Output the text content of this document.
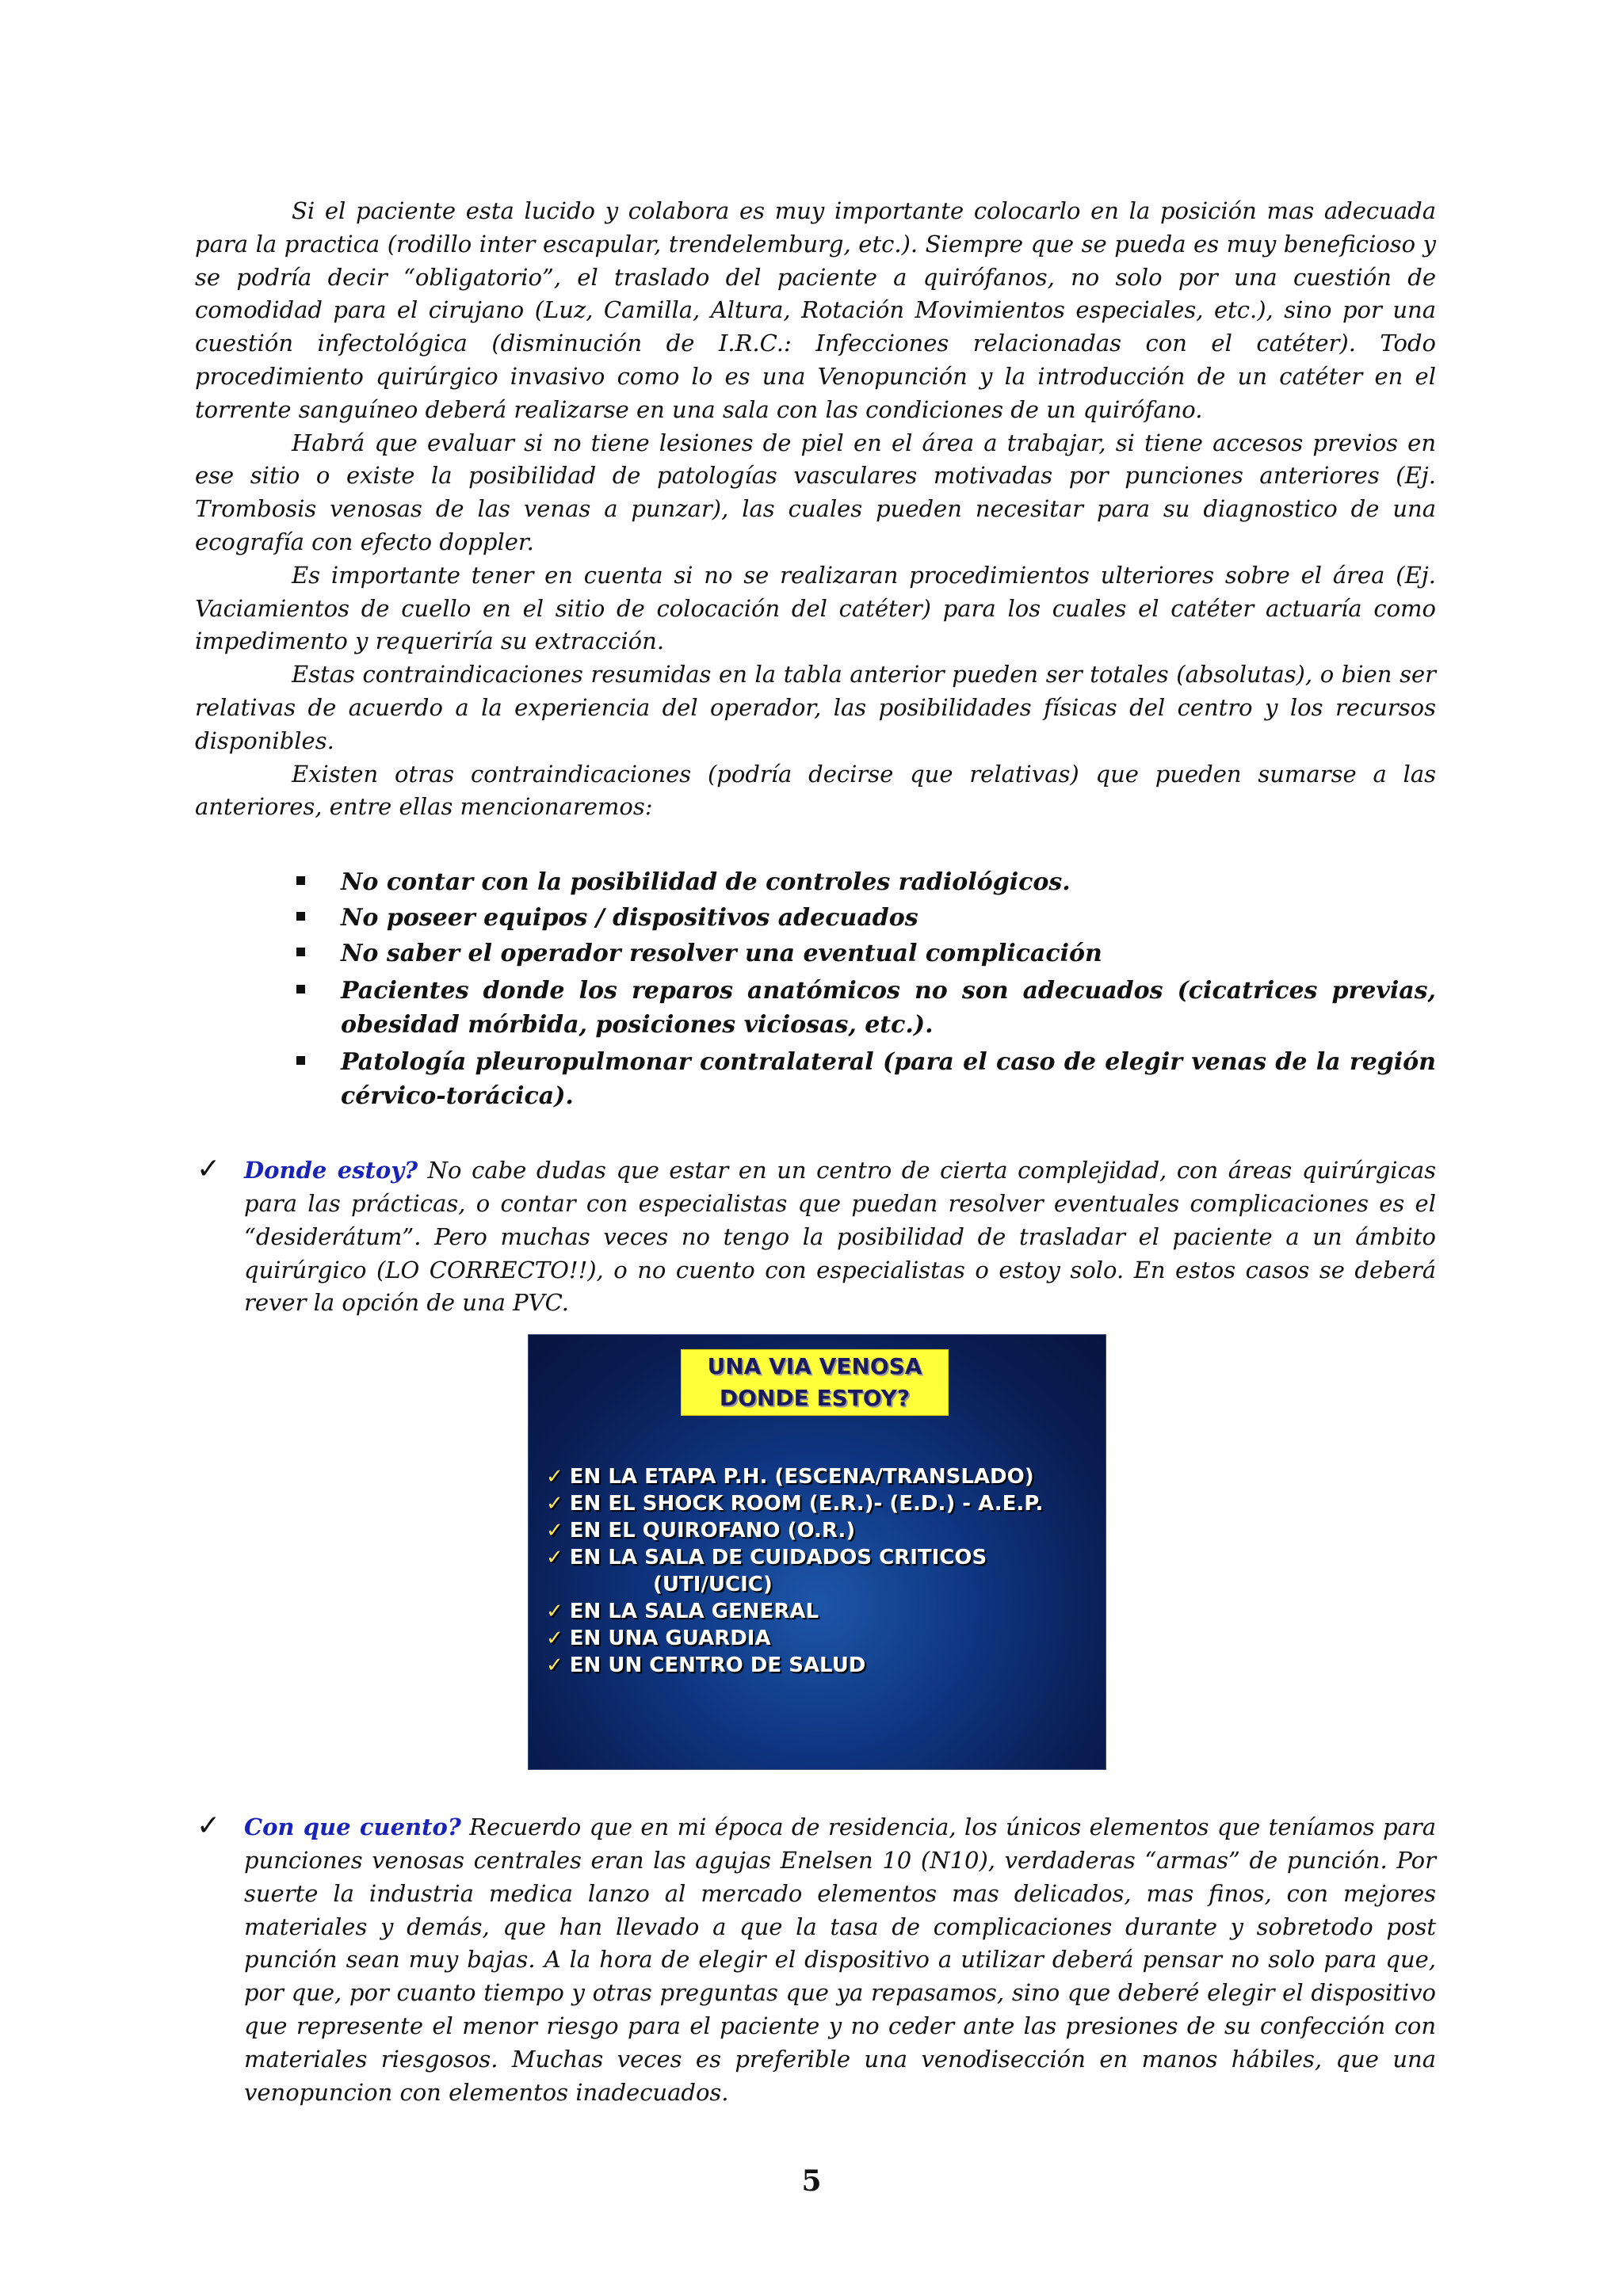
Si el paciente esta lucido y colabora es muy importante colocarlo en la posición mas adecuada para la practica (rodillo inter escapular, trendelemburg, etc.). Siempre que se pueda es muy beneficioso y se podría decir “obligatorio”, el traslado del paciente a quirófanos, no solo por una cuestión de comodidad para el cirujano (Luz, Camilla, Altura, Rotación Movimientos especiales, etc.), sino por una cuestión infectológica (disminución de I.R.C.: Infecciones relacionadas con el catéter). Todo procedimiento quirúrgico invasivo como lo es una Venopunción y la introducción de un catéter en el torrente sanguíneo deberá realizarse en una sala con las condiciones de un quirófano.

Habrá que evaluar si no tiene lesiones de piel en el área a trabajar, si tiene accesos previos en ese sitio o existe la posibilidad de patologías vasculares motivadas por punciones anteriores (Ej. Trombosis venosas de las venas a punzar), las cuales pueden necesitar para su diagnostico de una ecografía con efecto doppler.

Es importante tener en cuenta si no se realizaran procedimientos ulteriores sobre el área (Ej. Vaciamientos de cuello en el sitio de colocación del catéter) para los cuales el catéter actuaría como impedimento y requeriría su extracción.

Estas contraindicaciones resumidas en la tabla anterior pueden ser totales (absolutas), o bien ser relativas de acuerdo a la experiencia del operador, las posibilidades físicas del centro y los recursos disponibles.

Existen otras contraindicaciones (podría decirse que relativas) que pueden sumarse a las anteriores, entre ellas mencionaremos:

No contar con la posibilidad de controles radiológicos.
No poseer equipos / dispositivos adecuados
No saber el operador resolver una eventual complicación
Pacientes donde los reparos anatómicos no son adecuados (cicatrices previas, obesidad mórbida, posiciones viciosas, etc.).
Patología pleuropulmonar contralateral (para el caso de elegir venas de la región cérvico-torácica).
✓ Donde estoy? No cabe dudas que estar en un centro de cierta complejidad, con áreas quirúrgicas para las prácticas, o contar con especialistas que puedan resolver eventuales complicaciones es el “desiderátum”. Pero muchas veces no tengo la posibilidad de trasladar el paciente a un ámbito quirúrgico (LO CORRECTO!!), o no cuento con especialistas o estoy solo. En estos casos se deberá rever la opción de una PVC.

UNA VIA VENOSA
DONDE ESTOY?
✓ EN LA ETAPA P.H. (ESCENA/TRANSLADO)
✓ EN EL SHOCK ROOM (E.R.)- (E.D.) - A.E.P.
✓ EN EL QUIROFANO (O.R.)
✓ EN LA SALA DE CUIDADOS CRITICOS
(UTI/UCIC)
✓ EN LA SALA GENERAL
✓ EN UNA GUARDIA
✓ EN UN CENTRO DE SALUD
✓ Con que cuento? Recuerdo que en mi época de residencia, los únicos elementos que teníamos para punciones venosas centrales eran las agujas Enelsen 10 (N10), verdaderas “armas” de punción. Por suerte la industria medica lanzo al mercado elementos mas delicados, mas finos, con mejores materiales y demás, que han llevado a que la tasa de complicaciones durante y sobretodo post punción sean muy bajas. A la hora de elegir el dispositivo a utilizar deberá pensar no solo para que, por que, por cuanto tiempo y otras preguntas que ya repasamos, sino que deberé elegir el dispositivo que represente el menor riesgo para el paciente y no ceder ante las presiones de su confección con materiales riesgosos. Muchas veces es preferible una venodisección en manos hábiles, que una venopuncion con elementos inadecuados.

5
